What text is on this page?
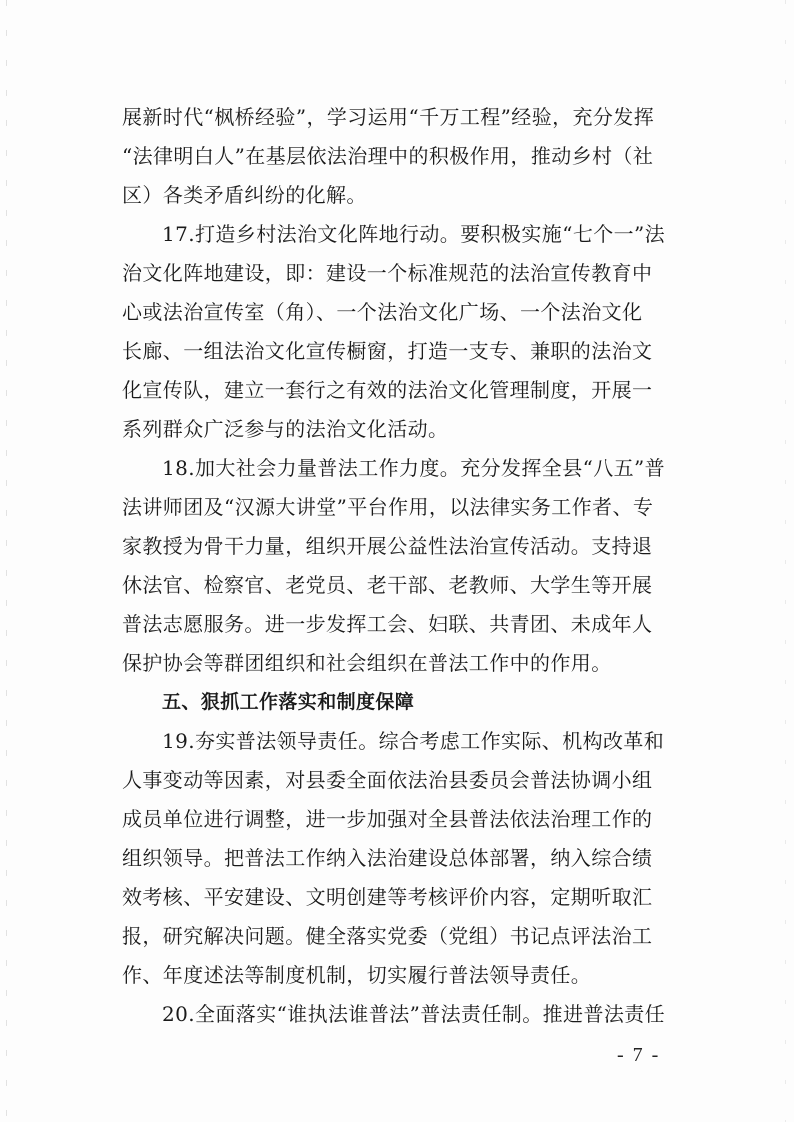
展新时代“枫桥经验”，学习运用“千万工程”经验，充分发挥
“法律明白人”在基层依法治理中的积极作用，推动乡村（社
区）各类矛盾纠纷的化解。
17.打造乡村法治文化阵地行动。要积极实施“七个一”法
治文化阵地建设，即：建设一个标准规范的法治宣传教育中
心或法治宣传室（角）、一个法治文化广场、一个法治文化
长廊、一组法治文化宣传橱窗，打造一支专、兼职的法治文
化宣传队，建立一套行之有效的法治文化管理制度，开展一
系列群众广泛参与的法治文化活动。
18.加大社会力量普法工作力度。充分发挥全县“八五”普
法讲师团及“汉源大讲堂”平台作用，以法律实务工作者、专
家教授为骨干力量，组织开展公益性法治宣传活动。支持退
休法官、检察官、老党员、老干部、老教师、大学生等开展
普法志愿服务。进一步发挥工会、妇联、共青团、未成年人
保护协会等群团组织和社会组织在普法工作中的作用。
五、狠抓工作落实和制度保障
19.夯实普法领导责任。综合考虑工作实际、机构改革和
人事变动等因素，对县委全面依法治县委员会普法协调小组
成员单位进行调整，进一步加强对全县普法依法治理工作的
组织领导。把普法工作纳入法治建设总体部署，纳入综合绩
效考核、平安建设、文明创建等考核评价内容，定期听取汇
报，研究解决问题。健全落实党委（党组）书记点评法治工
作、年度述法等制度机制，切实履行普法领导责任。
20.全面落实“谁执法谁普法”普法责任制。推进普法责任
- 7 -
